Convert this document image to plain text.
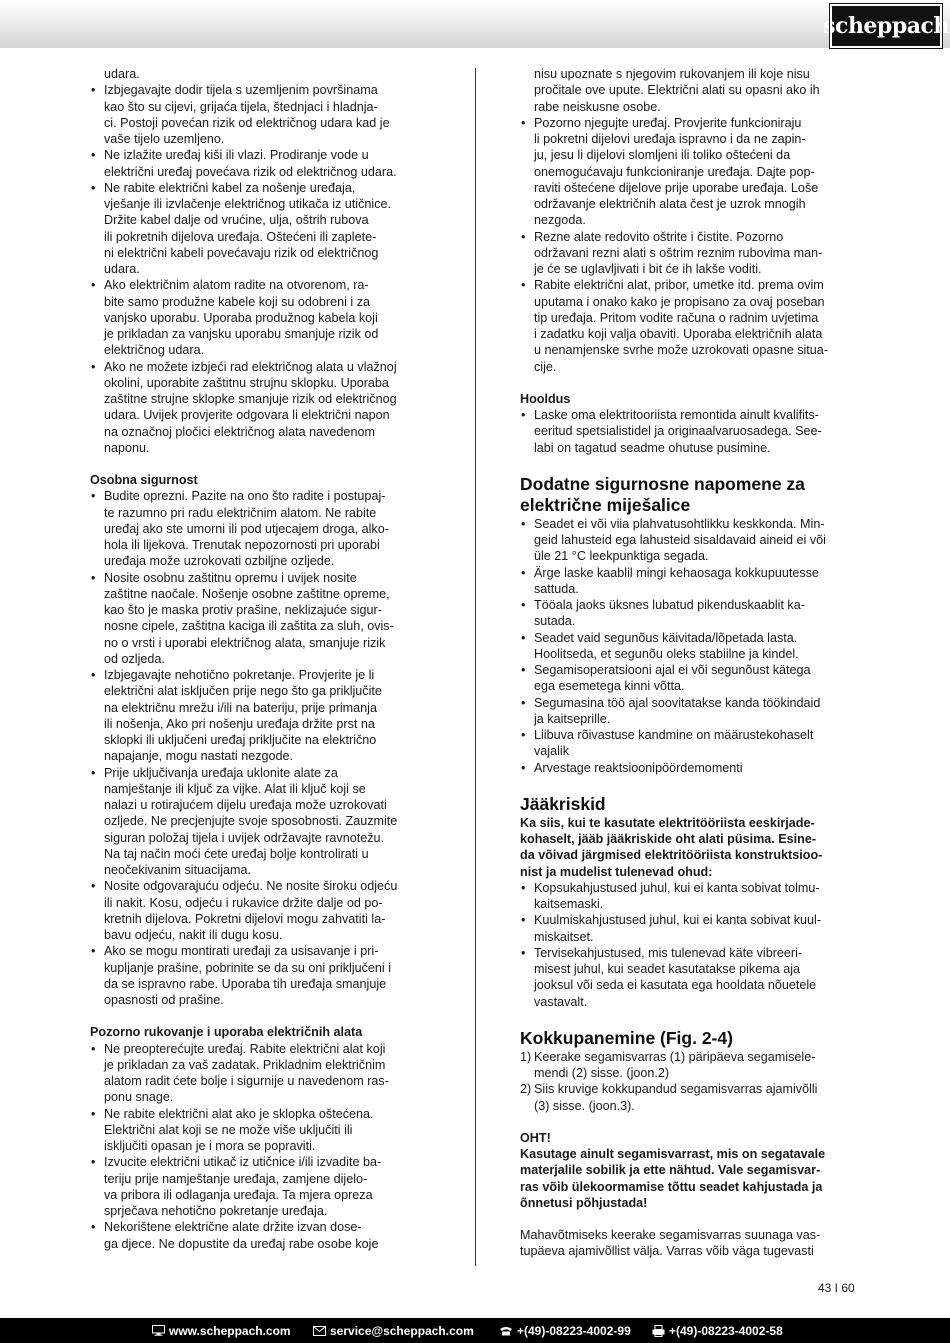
scheppach
udara.
• Izbjegavajte dodir tijela s uzemljenim površinama
kao što su cijevi, grijaća tijela, štednjaci i hladnja-
ci. Postoji povećan rizik od električnog udara kad je
vaše tijelo uzemljeno.
• Ne izlažite uređaj kiši ili vlazi. Prodiranje vode u
električni uređaj povećava rizik od električnog udara.
• Ne rabite električni kabel za nošenje uređaja,
vješanje ili izvlačenje električnog utikača iz utičnice.
Držite kabel dalje od vrućine, ulja, oštrih rubova
ili pokretnih dijelova uređaja. Oštećeni ili zaplete-
ni električni kabeli povećavaju rizik od električnog
udara.
• Ako električnim alatom radite na otvorenom, ra-
bite samo produžne kabele koji su odobreni i za
vanjsko uporabu. Uporaba produžnog kabela koji
je prikladan za vanjsku uporabu smanjuje rizik od
električnog udara.
• Ako ne možete izbjeći rad električnog alata u vlažnoj
okolini, uporabite zaštitnu strujnu sklopku. Uporaba
zaštitne strujne sklopke smanjuje rizik od električnog
udara. Uvijek provjerite odgovara li električni napon
na označnoj pločici električnog alata navedenom
naponu.
Osobna sigurnost
• Budite oprezni. Pazite na ono što radite i postupaj-
te razumno pri radu električnim alatom. Ne rabite
uređaj ako ste umorni ili pod utjecajem droga, alko-
hola ili lijekova. Trenutak nepozornosti pri uporabi
uređaja može uzrokovati ozbiljne ozljede.
• Nosite osobnu zaštitnu opremu i uvijek nosite
zaštitne naočale. Nošenje osobne zaštitne opreme,
kao što je maska protiv prašine, neklizajuće sigur-
nosne cipele, zaštitna kaciga ili zaštita za sluh, ovis-
no o vrsti i uporabi električnog alata, smanjuje rizik
od ozljeda.
• Izbjegavajte nehotično pokretanje. Provjerite je li
električni alat isključen prije nego što ga priključite
na električnu mrežu i/ili na bateriju, prije primanja
ili nošenja, Ako pri nošenju uređaja držite prst na
sklopki ili uključeni uređaj priključite na električno
napajanje, mogu nastati nezgode.
• Prije uključivanja uređaja uklonite alate za
namještanje ili ključ za vijke. Alat ili ključ koji se
nalazi u rotirajućem dijelu uređaja može uzrokovati
ozljede. Ne precjenjujte svoje sposobnosti. Zauzmite
siguran položaj tijela i uvijek održavajte ravnotežu.
Na taj način moći ćete uređaj bolje kontrolirati u
neočekivanim situacijama.
• Nosite odgovarajuću odjeću. Ne nosite široku odjeću
ili nakit. Kosu, odjeću i rukavice držite dalje od po-
kretnih dijelova. Pokretni dijelovi mogu zahvatiti la-
bavu odjeću, nakit ili dugu kosu.
• Ako se mogu montirati uređaji za usisavanje i pri-
kupljanje prašine, pobrinite se da su oni priključeni i
da se ispravno rabe. Uporaba tih uređaja smanjuje
opasnosti od prašine.
Pozorno rukovanje i uporaba električnih alata
• Ne preopterećujte uređaj. Rabite električni alat koji
je prikladan za vaš zadatak. Prikladnim električnim
alatom radit ćete bolje i sigurnije u navedenom ras-
ponu snage.
• Ne rabite električni alat ako je sklopka oštećena.
Električni alat koji se ne može više uključiti ili
isključiti opasan je i mora se popraviti.
• Izvucite električni utikač iz utičnice i/ili izvadite ba-
teriju prije namještanje uređaja, zamjene dijelo-
va pribora ili odlaganja uređaja. Ta mjera opreza
sprječava nehotično pokretanje uređaja.
• Nekorištene električne alate držite izvan dose-
ga djece. Ne dopustite da uređaj rabe osobe koje
nisu upoznate s njegovim rukovanjem ili koje nisu
pročitale ove upute. Električni alati su opasni ako ih
rabe neiskusne osobe.
• Pozorno njegujte uređaj. Provjerite funkcioniraju
li pokretni dijelovi uređaja ispravno i da ne zapin-
ju, jesu li dijelovi slomljeni ili toliko oštećeni da
onemogućavaju funkcioniranje uređaja. Dajte pop-
raviti oštećene dijelove prije uporabe uređaja. Loše
održavanje električnih alata čest je uzrok mnogih
nezgoda.
• Rezne alate redovito oštrite i čistite. Pozorno
održavani rezni alati s oštrim reznim rubovima man-
je će se uglavljivati i bit će ih lakše voditi.
• Rabite električni alat, pribor, umetke itd. prema ovim
uputama i onako kako je propisano za ovaj poseban
tip uređaja. Pritom vodite računa o radnim uvjetima
i zadatku koji valja obaviti. Uporaba električnih alata
u nenamjenske svrhe može uzrokovati opasne situa-
cije.
Hooldus
• Laske oma elektritooriista remontida ainult kvalifits-
eeritud spetsialistidel ja originaalvaruosadega. See-
labi on tagatud seadme ohutuse pusimine.
Dodatne sigurnosne napomene za
električne miješalice
• Seadet ei või viia plahvatusohtlikku keskkonda. Min-
geid lahusteid ega lahusteid sisaldavaid aineid ei või
üle 21 °C leekpunktiga segada.
• Ärge laske kaablil mingi kehaosaga kokkupuutesse
sattuda.
• Tööala jaoks üksnes lubatud pikenduskaablit ka-
sutada.
• Seadet vaid segunõus käivitada/lõpetada lasta.
Hoolitseda, et segunõu oleks stabiilne ja kindel.
• Segamisoperatsiooni ajal ei või segunõust kätega
ega esemetega kinni võtta.
• Segumasina töö ajal soovitatakse kanda töökindaid
ja kaitseprille.
• Liibuva rõivastuse kandmine on määrustekohaselt
vajalik
• Arvestage reaktsioonipöördemomenti
Jääkriskid
Ka siis, kui te kasutate elektritööriista eeskirjade-
kohaselt, jääb jääkriskide oht alati püsima. Esine-
da võivad järgmised elektritööriista konstruktsioo-
nist ja mudelist tulenevad ohud:
• Kopsukahjustused juhul, kui ei kanta sobivat tolmu-
kaitsemaski.
• Kuulmiskahjustused juhul, kui ei kanta sobivat kuul-
miskaitset.
• Tervisekahjustused, mis tulenevad käte vibreeri-
misest juhul, kui seadet kasutatakse pikema aja
jooksul või seda ei kasutata ega hooldata nõuetele
vastavalt.
Kokkupanemine (Fig. 2-4)
1) Keerake segamisvarras (1) päripäeva segamisele-
mendi (2) sisse. (joon.2)
2) Siis kruvige kokkupandud segamisvarras ajamivõlli
(3) sisse. (joon.3).
OHT!
Kasutage ainult segamisvarrast, mis on segatavale
materjalile sobilik ja ette nähtud. Vale segamisvar-
ras võib ülekoormamise tõttu seadet kahjustada ja
õnnetusi põhjustada!
Mahavõtmiseks keerake segamisvarras suunaga vas-
tupäeva ajamivõllist välja. Varras võib väga tugevasti
43 I 60
www.scheppach.com	service@scheppach.com	+(49)-08223-4002-99	+(49)-08223-4002-58
